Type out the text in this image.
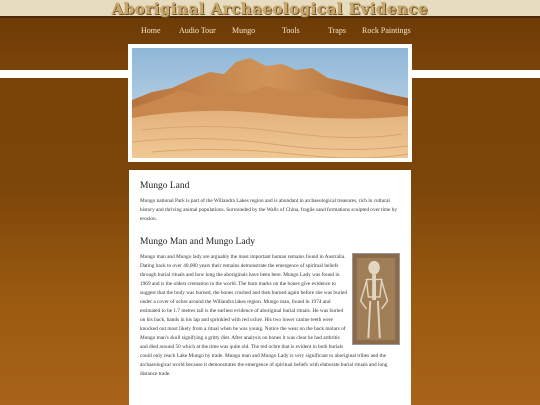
Aboriginal Archaeological Evidence
Home Audio Tour Mungo	Tools	Traps Rock Paintings
Mungo Land

Mungo national Park is part of the Willandra Lakes region and is abundant in archaeological treasures, rich in cultural history and thriving animal populations. Surrounded by the Walls of China, fragile sand formations sculpted over time by erosion.

Mungo Man and Mungo Lady

Mungo man and Mungo lady are arguably the most important human remains found in Australia. Dating back to over 40,000 years their remains demonstrate the emergence of spiritual beliefs through burial rituals and how long the aboriginals have been here. Mungo Lady was found in 1969 and is the oldest cremation in the world. The burn marks on the bones give evidence to suggest that the body was burned, the bones crushed and then burned again before she was buried under a cover of ochre around the Willandra lakes region. Mungo man, found in 1974 and estimated to be 1.7 metres tall is the earliest evidence of aboriginal burial rituals. He was buried on his back, hands in his lap and sprinkled with red ochre. His two lower canine teeth were knocked out most likely from a ritual when he was young. Notice the wear on the back molars of Mungo man's skull signifying a gritty diet. After analysis on bones it was clear he had arthritis and died around 50 which at the time was quite old. The red ochre that is evident in both burials could only reach Lake Mungo by trade. Mungo man and Mungo Lady is very significant to aboriginal tribes and the archaeological world because it demonstrates the emergence of spiritual beliefs with elaborate burial rituals and long distance trade.
